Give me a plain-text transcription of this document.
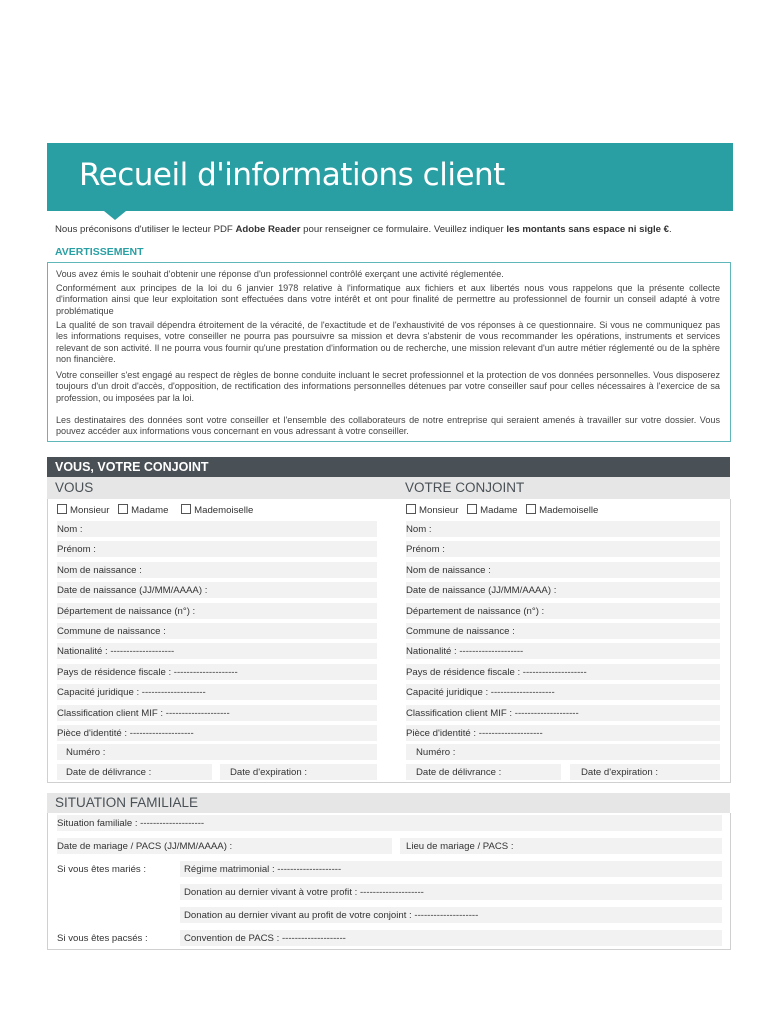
Recueil d'informations client
Nous préconisons d'utiliser le lecteur PDF Adobe Reader pour renseigner ce formulaire. Veuillez indiquer les montants sans espace ni sigle €.
AVERTISSEMENT

Vous avez émis le souhait d'obtenir une réponse d'un professionnel contrôlé exerçant une activité réglementée.

Conformément aux principes de la loi du 6 janvier 1978 relative à l'informatique aux fichiers et aux libertés nous vous rappelons que la présente collecte d'information ainsi que leur exploitation sont effectuées dans votre intérêt et ont pour finalité de permettre au professionnel de fournir un conseil adapté à votre problématique

La qualité de son travail dépendra étroitement de la véracité, de l'exactitude et de l'exhaustivité de vos réponses à ce questionnaire. Si vous ne communiquez pas les informations requises, votre conseiller ne pourra pas poursuivre sa mission et devra s'abstenir de vous recommander les opérations, instruments et services relevant de son activité. Il ne pourra vous fournir qu'une prestation d'information ou de recherche, une mission relevant d'un autre métier réglementé ou de la sphère non financière.

Votre conseiller s'est engagé au respect de règles de bonne conduite incluant le secret professionnel et la protection de vos données personnelles. Vous disposerez toujours d'un droit d'accès, d'opposition, de rectification des informations personnelles détenues par votre conseiller sauf pour celles nécessaires à l'exercice de sa profession, ou imposées par la loi.

Les destinataires des données sont votre conseiller et l'ensemble des collaborateurs de notre entreprise qui seraient amenés à travailler sur votre dossier. Vous pouvez accéder aux informations vous concernant en vous adressant à votre conseiller.

VOUS, VOTRE CONJOINT
VOUS	VOTRE CONJOINT
Monsieur Madame	Mademoiselle	Monsieur Madame Mademoiselle
Nom :	Nom :
Prénom :	Prénom :
Nom de naissance :	Nom de naissance :
Date de naissance (JJ/MM/AAAA) :	Date de naissance (JJ/MM/AAAA) :
Département de naissance (n°) :	Département de naissance (n°) :
Commune de naissance :	Commune de naissance :
Nationalité : --------------------	Nationalité : --------------------
Pays de résidence fiscale : --------------------	Pays de résidence fiscale : --------------------
Capacité juridique : --------------------	Capacité juridique : --------------------
Classification client MIF : --------------------	Classification client MIF : --------------------
Pièce d'identité : --------------------	Pièce d'identité : --------------------
Numéro :	Numéro :
Date de délivrance :	Date d'expiration :	Date de délivrance :	Date d'expiration :
SITUATION FAMILIALE
Situation familiale : --------------------
Date de mariage / PACS (JJ/MM/AAAA) :	Lieu de mariage / PACS :
Si vous êtes mariés :	Régime matrimonial : --------------------
Donation au dernier vivant à votre profit : --------------------
Donation au dernier vivant au profit de votre conjoint : --------------------
Si vous êtes pacsés :	Convention de PACS : --------------------
